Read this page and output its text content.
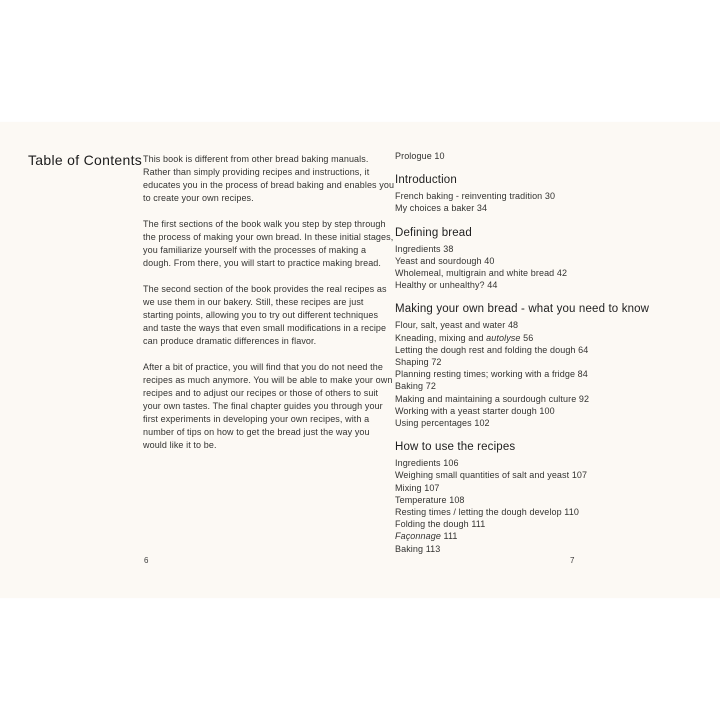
Table of Contents This book is different from other bread baking manuals. Rather than simply providing recipes and instructions, it educates you in the process of bread baking and enables you to create your own recipes.

The first sections of the book walk you step by step through the process of making your own bread. In these initial stages, you familiarize yourself with the processes of making a dough. From there, you will start to practice making bread.

The second section of the book provides the real recipes as we use them in our bakery. Still, these recipes are just starting points, allowing you to try out different techniques and taste the ways that even small modifications in a recipe can produce dramatic differences in flavor.

After a bit of practice, you will find that you do not need the recipes as much anymore. You will be able to make your own recipes and to adjust our recipes or those of others to suit your own tastes. The final chapter guides you through your first experiments in developing your own recipes, with a number of tips on how to get the bread just the way you would like it to be.

6
Prologue 10
Introduction
French baking - reinventing tradition 30
My choices a baker 34
Defining bread
Ingredients 38
Yeast and sourdough 40
Wholemeal, multigrain and white bread 42
Healthy or unhealthy? 44
Making your own bread - what you need to know
Flour, salt, yeast and water 48
Kneading, mixing and autolyse 56
Letting the dough rest and folding the dough 64
Shaping 72
Planning resting times; working with a fridge 84
Baking 72
Making and maintaining a sourdough culture 92
Working with a yeast starter dough 100
Using percentages 102
How to use the recipes
Ingredients 106
Weighing small quantities of salt and yeast 107
Mixing 107
Temperature 108
Resting times / letting the dough develop 110
Folding the dough 111
Façonnage 111
Baking 113
7
